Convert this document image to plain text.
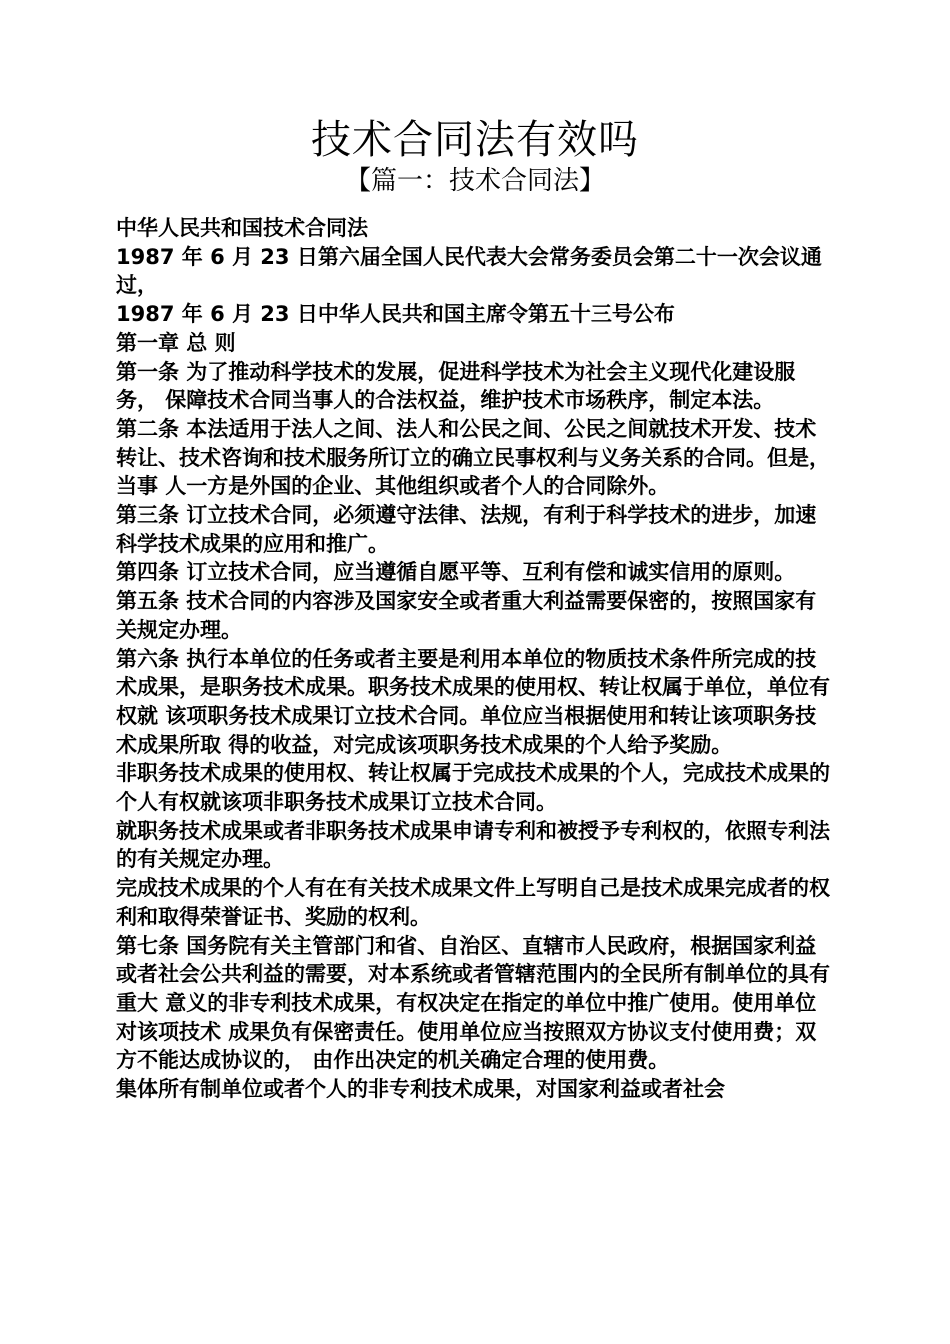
技术合同法有效吗
【篇一：技术合同法】

中华人民共和国技术合同法

1987 年 6 月 23 日第六届全国人民代表大会常务委员会第二十一次会议通过，

1987 年 6 月 23 日中华人民共和国主席令第五十三号公布

第一章 总 则

第一条 为了推动科学技术的发展，促进科学技术为社会主义现代化建设服务， 保障技术合同当事人的合法权益，维护技术市场秩序，制定本法。

第二条 本法适用于法人之间、法人和公民之间、公民之间就技术开发、技术 转让、技术咨询和技术服务所订立的确立民事权利与义务关系的合同。但是，当事 人一方是外国的企业、其他组织或者个人的合同除外。

第三条 订立技术合同，必须遵守法律、法规，有利于科学技术的进步，加速 科学技术成果的应用和推广。

第四条 订立技术合同，应当遵循自愿平等、互利有偿和诚实信用的原则。

第五条 技术合同的内容涉及国家安全或者重大利益需要保密的，按照国家有 关规定办理。

第六条 执行本单位的任务或者主要是利用本单位的物质技术条件所完成的技 术成果，是职务技术成果。职务技术成果的使用权、转让权属于单位，单位有权就 该项职务技术成果订立技术合同。单位应当根据使用和转让该项职务技术成果所取 得的收益，对完成该项职务技术成果的个人给予奖励。

非职务技术成果的使用权、转让权属于完成技术成果的个人，完成技术成果的 个人有权就该项非职务技术成果订立技术合同。

就职务技术成果或者非职务技术成果申请专利和被授予专利权的，依照专利法 的有关规定办理。

完成技术成果的个人有在有关技术成果文件上写明自己是技术成果完成者的权 利和取得荣誉证书、奖励的权利。

第七条 国务院有关主管部门和省、自治区、直辖市人民政府，根据国家利益 或者社会公共利益的需要，对本系统或者管辖范围内的全民所有制单位的具有重大 意义的非专利技术成果，有权决定在指定的单位中推广使用。使用单位对该项技术 成果负有保密责任。使用单位应当按照双方协议支付使用费；双方不能达成协议的， 由作出决定的机关确定合理的使用费。

集体所有制单位或者个人的非专利技术成果，对国家利益或者社会
